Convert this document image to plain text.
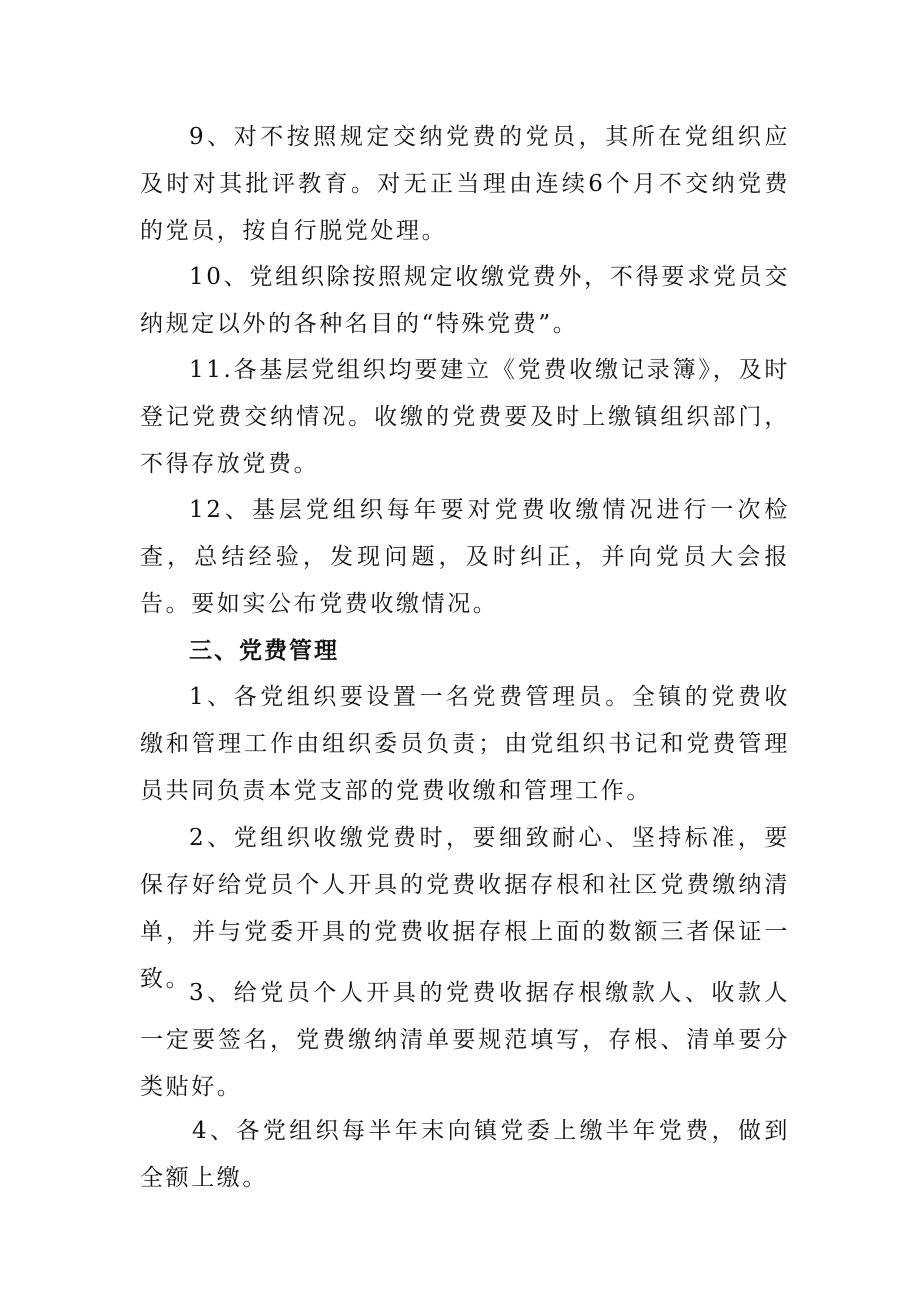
9、对不按照规定交纳党费的党员，其所在党组织应及时对其批评教育。对无正当理由连续6个月不交纳党费的党员，按自行脱党处理。

10、党组织除按照规定收缴党费外，不得要求党员交纳规定以外的各种名目的“特殊党费”。

11.各基层党组织均要建立《党费收缴记录簿》，及时登记党费交纳情况。收缴的党费要及时上缴镇组织部门，不得存放党费。

12、基层党组织每年要对党费收缴情况进行一次检查，总结经验，发现问题，及时纠正，并向党员大会报告。要如实公布党费收缴情况。

三、党费管理

1、各党组织要设置一名党费管理员。全镇的党费收缴和管理工作由组织委员负责；由党组织书记和党费管理员共同负责本党支部的党费收缴和管理工作。

2、党组织收缴党费时，要细致耐心、坚持标准，要保存好给党员个人开具的党费收据存根和社区党费缴纳清单，并与党委开具的党费收据存根上面的数额三者保证一致。

3、给党员个人开具的党费收据存根缴款人、收款人一定要签名，党费缴纳清单要规范填写，存根、清单要分类贴好。

4、各党组织每半年末向镇党委上缴半年党费，做到全额上缴。
